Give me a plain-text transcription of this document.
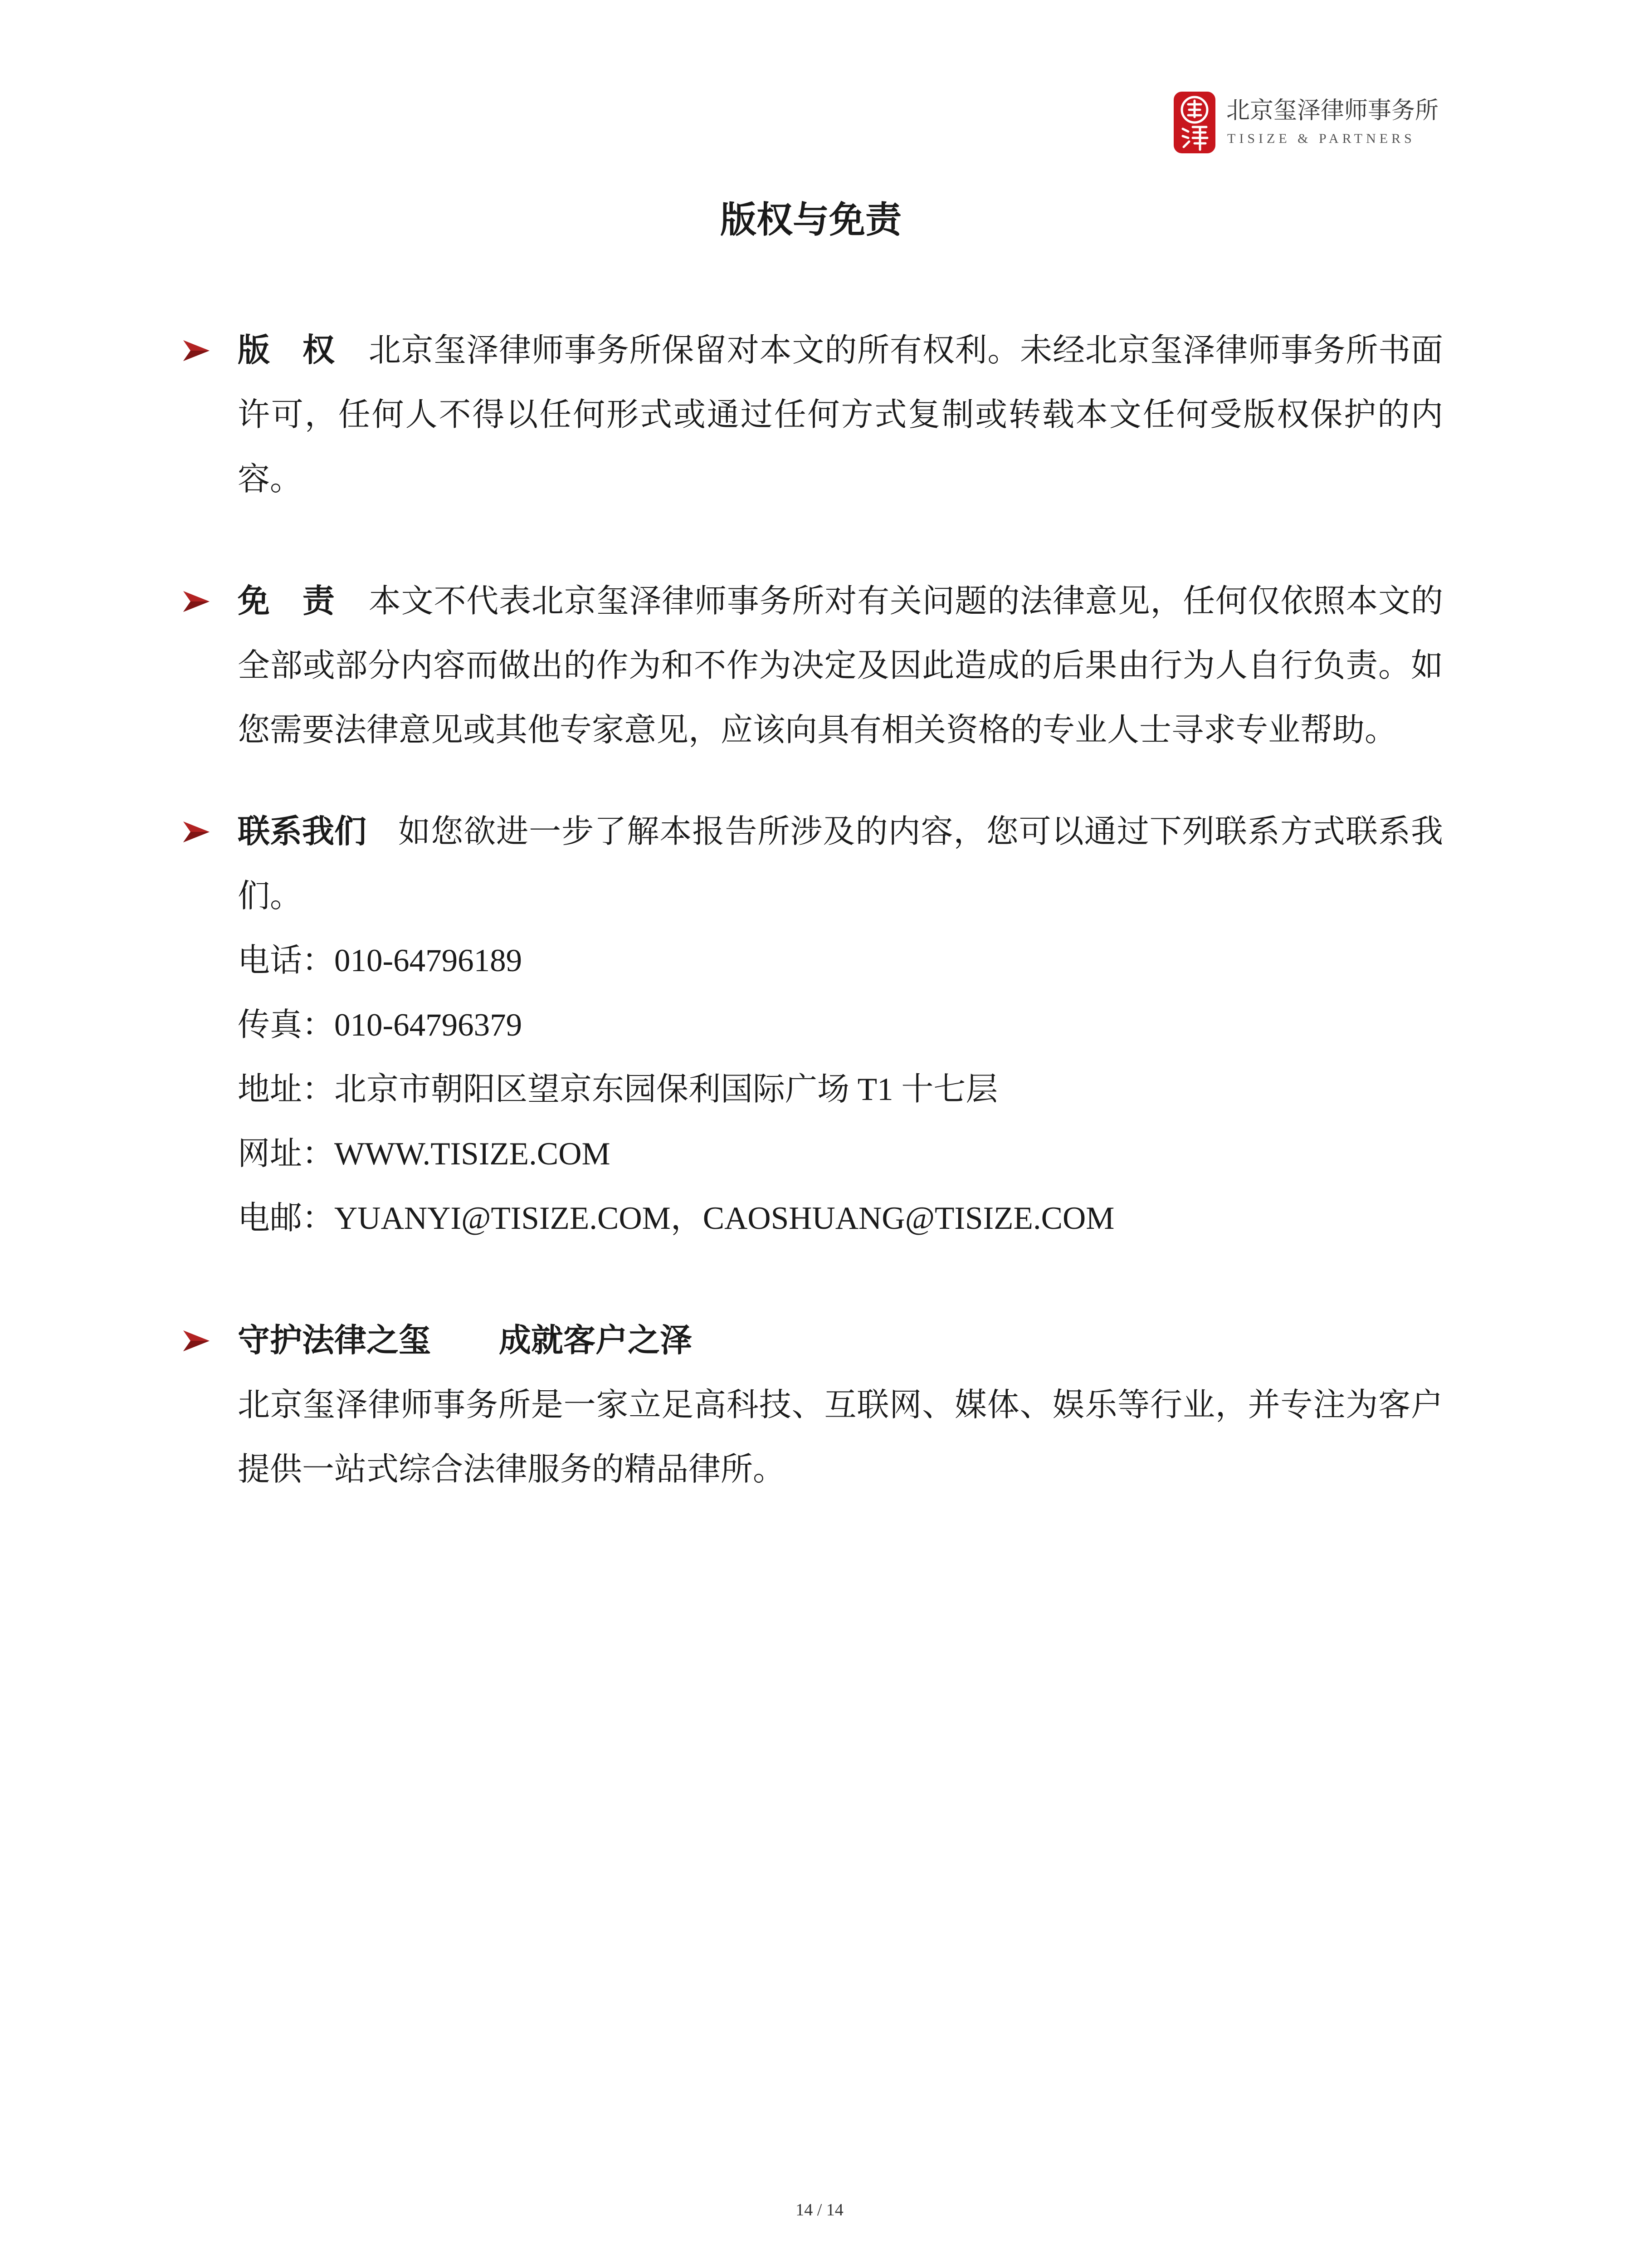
北京玺泽律师事务所
TISIZE & PARTNERS
版权与免责

版 权 北京玺泽律师事务所保留对本文的所有权利。未经北京玺泽律师事务所书面许可，任何人不得以任何形式或通过任何方式复制或转载本文任何受版权保护的内容。

免 责 本文不代表北京玺泽律师事务所对有关问题的法律意见，任何仅依照本文的全部或部分内容而做出的作为和不作为决定及因此造成的后果由行为人自行负责。如您需要法律意见或其他专家意见，应该向具有相关资格的专业人士寻求专业帮助。

联系我们 如您欲进一步了解本报告所涉及的内容，您可以通过下列联系方式联系我们。

电话：010-64796189
传真：010-64796379
地址：北京市朝阳区望京东园保利国际广场 T1 十七层
网址：WWW.TISIZE.COM
电邮：YUANYI@TISIZE.COM，CAOSHUANG@TISIZE.COM
守护法律之玺 成就客户之泽

北京玺泽律师事务所是一家立足高科技、互联网、媒体、娱乐等行业，并专注为客户提供一站式综合法律服务的精品律所。

14 / 14
